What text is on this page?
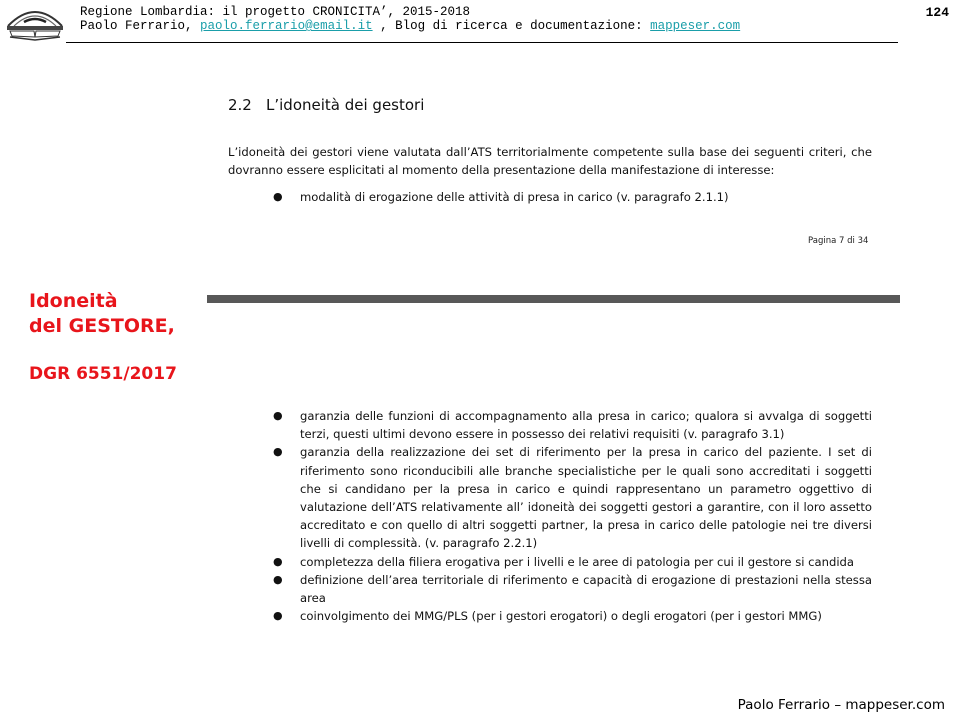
Regione Lombardia: il progetto CRONICITA’, 2015-2018
Paolo Ferrario, paolo.ferrario@email.it , Blog di ricerca e documentazione: mappeser.com
124
2.2 L’idoneità dei gestori
L’idoneità dei gestori viene valutata dall’ATS territorialmente competente sulla base dei seguenti criteri, che dovranno essere esplicitati al momento della presentazione della manifestazione di interesse:
● modalità di erogazione delle attività di presa in carico (v. paragrafo 2.1.1)
Pagina 7 di 34
Idoneità
del GESTORE,
DGR 6551/2017
● garanzia delle funzioni di accompagnamento alla presa in carico; qualora si avvalga di soggetti terzi, questi ultimi devono essere in possesso dei relativi requisiti (v. paragrafo 3.1)
● garanzia della realizzazione dei set di riferimento per la presa in carico del paziente. I set di riferimento sono riconducibili alle branche specialistiche per le quali sono accreditati i soggetti che si candidano per la presa in carico e quindi rappresentano un parametro oggettivo di valutazione dell’ATS relativamente all’ idoneità dei soggetti gestori a garantire, con il loro assetto accreditato e con quello di altri soggetti partner, la presa in carico delle patologie nei tre diversi livelli di complessità. (v. paragrafo 2.2.1)
● completezza della filiera erogativa per i livelli e le aree di patologia per cui il gestore si candida
● definizione dell’area territoriale di riferimento e capacità di erogazione di prestazioni nella stessa area
● coinvolgimento dei MMG/PLS (per i gestori erogatori) o degli erogatori (per i gestori MMG)
Paolo Ferrario – mappeser.com
